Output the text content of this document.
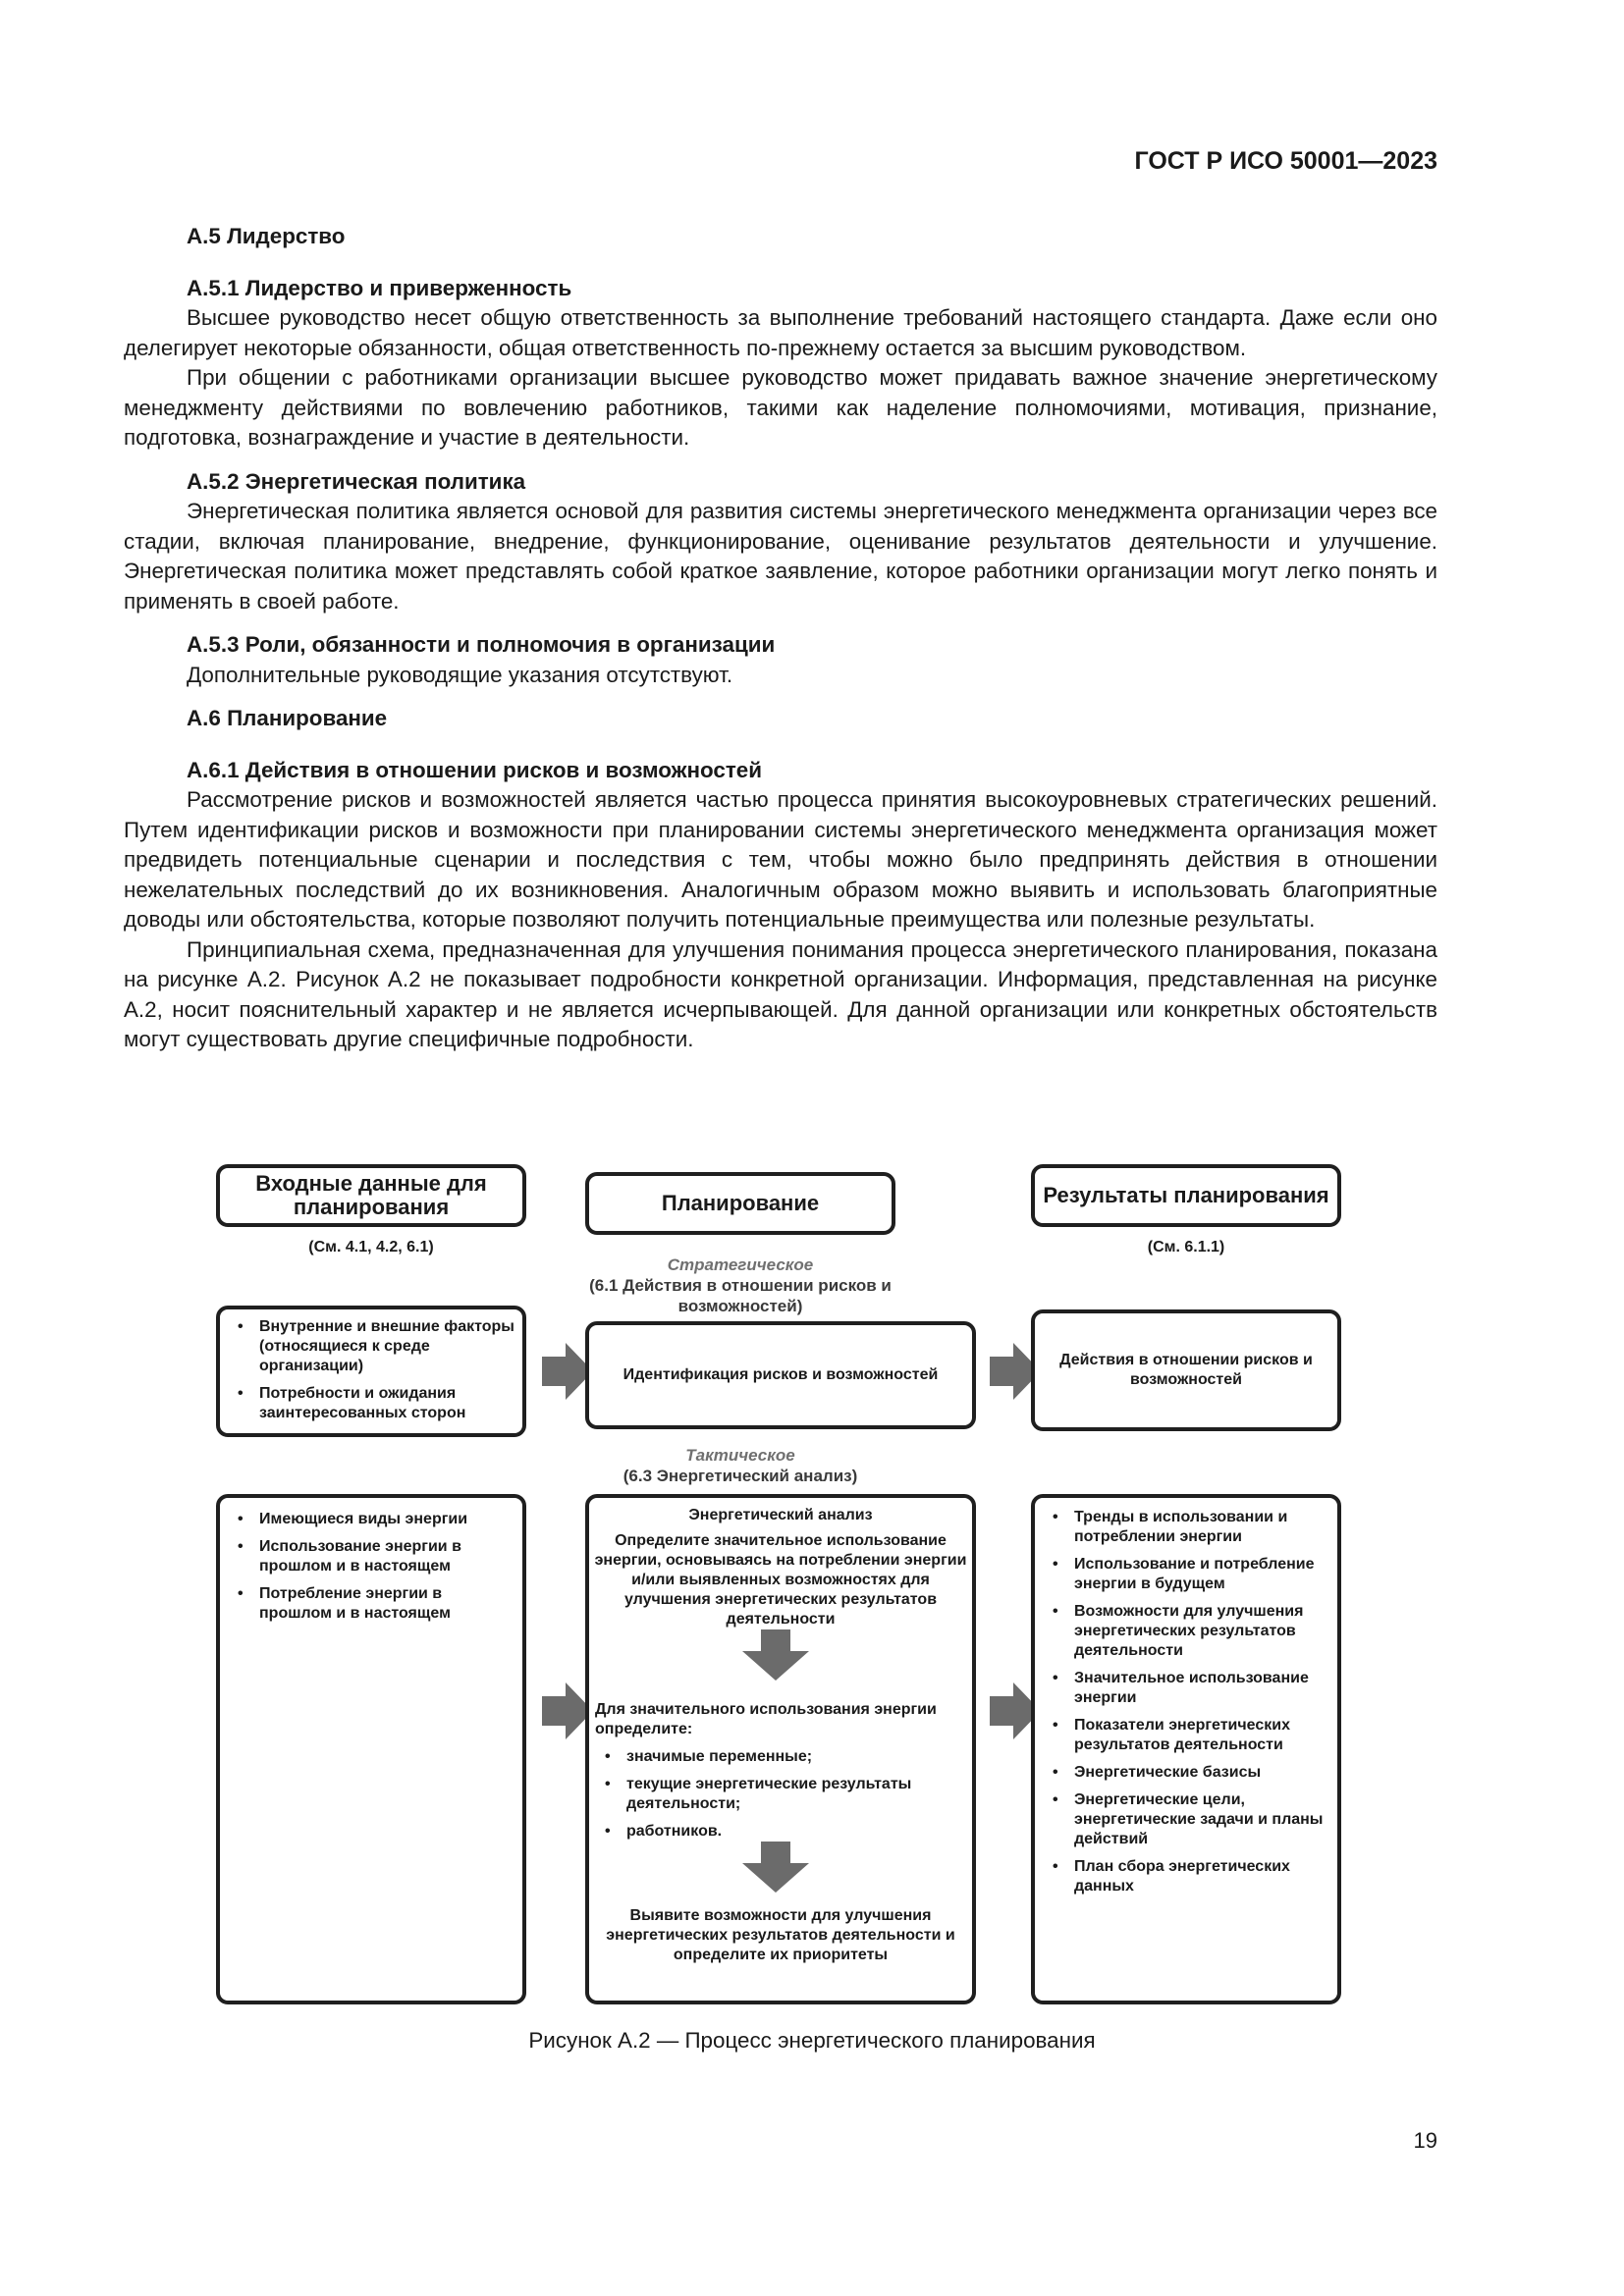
ГОСТ Р ИСО 50001—2023
А.5 Лидерство
А.5.1 Лидерство и приверженность

Высшее руководство несет общую ответственность за выполнение требований настоящего стандарта. Даже если оно делегирует некоторые обязанности, общая ответственность по-прежнему остается за высшим руководством.

При общении с работниками организации высшее руководство может придавать важное значение энергетическому менеджменту действиями по вовлечению работников, такими как наделение полномочиями, мотивация, признание, подготовка, вознаграждение и участие в деятельности.

А.5.2 Энергетическая политика

Энергетическая политика является основой для развития системы энергетического менеджмента организации через все стадии, включая планирование, внедрение, функционирование, оценивание результатов деятельности и улучшение. Энергетическая политика может представлять собой краткое заявление, которое работники организации могут легко понять и применять в своей работе.

А.5.3 Роли, обязанности и полномочия в организации

Дополнительные руководящие указания отсутствуют.

А.6 Планирование
А.6.1 Действия в отношении рисков и возможностей

Рассмотрение рисков и возможностей является частью процесса принятия высокоуровневых стратегических решений. Путем идентификации рисков и возможности при планировании системы энергетического менеджмента организация может предвидеть потенциальные сценарии и последствия с тем, чтобы можно было предпринять действия в отношении нежелательных последствий до их возникновения. Аналогичным образом можно выявить и использовать благоприятные доводы или обстоятельства, которые позволяют получить потенциальные преимущества или полезные результаты.

Принципиальная схема, предназначенная для улучшения понимания процесса энергетического планирования, показана на рисунке А.2. Рисунок А.2 не показывает подробности конкретной организации. Информация, представленная на рисунке А.2, носит пояснительный характер и не является исчерпывающей. Для данной организации или конкретных обстоятельств могут существовать другие специфичные подробности.

Входные данные для планирования	Планирование	Результаты планирования
(См. 4.1, 4.2, 6.1)	(См. 6.1.1)
Стратегическое
(6.1 Действия в отношении рисков и возможностей)
• Внутренние и внешние факторы (относящиеся к среде организации)
• Потребности и ожидания заинтересованных сторон
Идентификация рисков и возможностей
Действия в отношении рисков и возможностей
Тактическое
(6.3 Энергетический анализ)
• Имеющиеся виды энергии
• Использование энергии в прошлом и в настоящем
• Потребление энергии в прошлом и в настоящем
Энергетический анализ
Определите значительное использование энергии, основываясь на потреблении энергии и/или выявленных возможностях для улучшения энергетических результатов деятельности
Для значительного использования энергии определите:
• значимые переменные;
• текущие энергетические результаты деятельности;
• работников.
Выявите возможности для улучшения энергетических результатов деятельности и определите их приоритеты
• Тренды в использовании и потреблении энергии
• Использование и потребление энергии в будущем
• Возможности для улучшения энергетических результатов деятельности
• Значительное использование энергии
• Показатели энергетических результатов деятельности
• Энергетические базисы
• Энергетические цели, энергетические задачи и планы действий
• План сбора энергетических данных
Рисунок А.2 — Процесс энергетического планирования
19
